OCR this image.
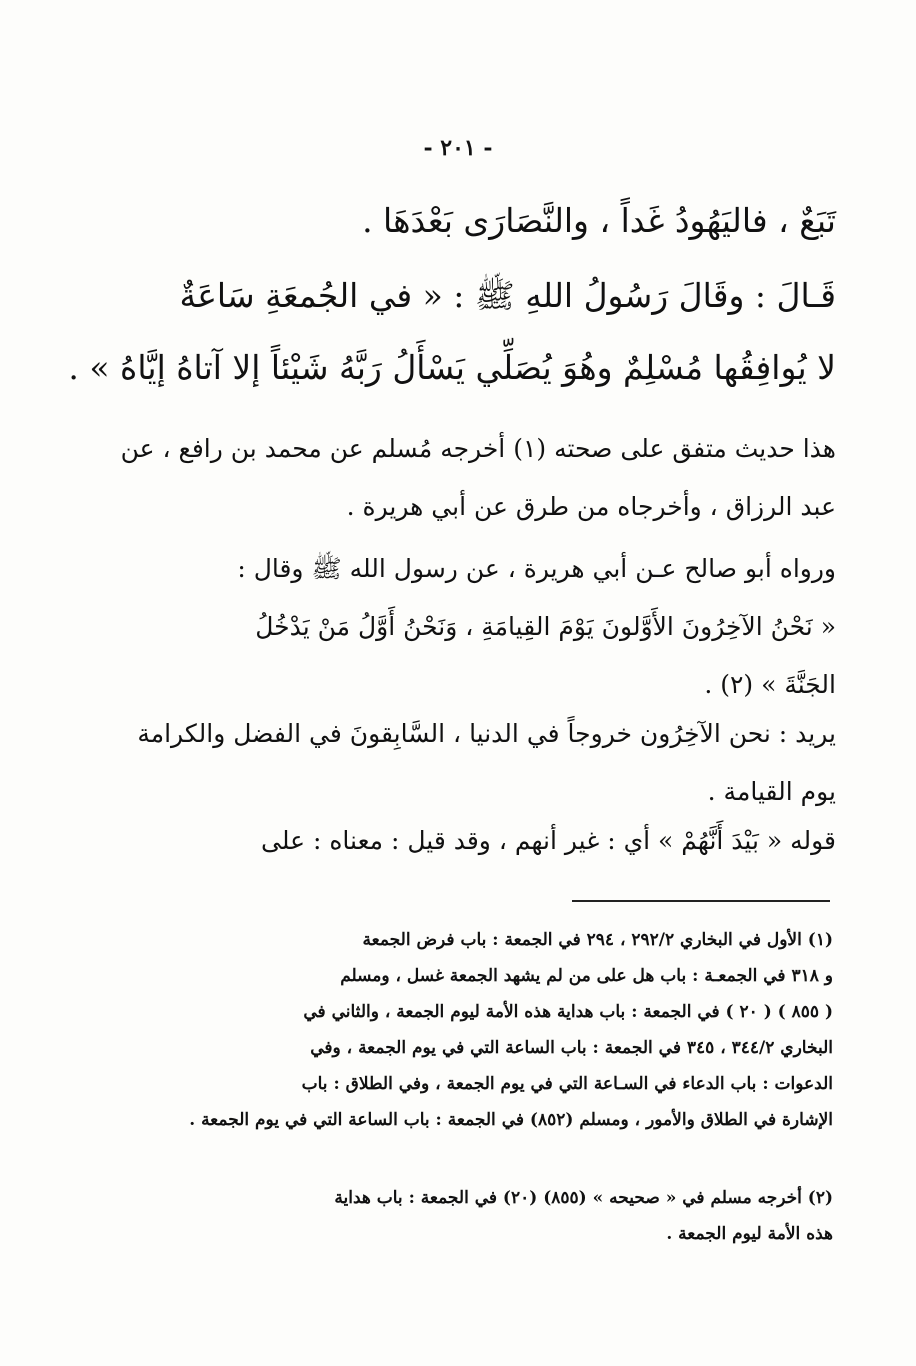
- ٢٠١ -
تَبَعٌ ، فاليَهُودُ غَداً ، والنَّصَارَى بَعْدَهَا .
قَـالَ : وقَالَ رَسُولُ اللهِ ﷺ : « في الجُمعَةِ سَاعَةٌ
لا يُوافِقُها مُسْلِمٌ وهُوَ يُصَلِّي يَسْأَلُ رَبَّهُ شَيْئاً إلا آتاهُ إيَّاهُ » .
هذا حديث متفق على صحته (١) أخرجه مُسلم عن محمد بن رافع ، عن
عبد الرزاق ، وأخرجاه من طرق عن أبي هريرة .
ورواه أبو صالح عـن أبي هريرة ، عن رسول الله ﷺ وقال :
« نَحْنُ الآخِرُونَ الأَوَّلونَ يَوْمَ القِيامَةِ ، وَنَحْنُ أَوَّلُ مَنْ يَدْخُلُ
الجَنَّةَ » (٢) .
يريد : نحن الآخِرُون خروجاً في الدنيا ، السَّابِقونَ في الفضل والكرامة
يوم القيامة .
قوله « بَيْدَ أَنَّهُمْ » أي : غير أنهم ، وقد قيل : معناه : على
(١) الأول في البخاري ٢٩٢/٢ ، ٢٩٤ في الجمعة : باب فرض الجمعة
و ٣١٨ في الجمعـة : باب هل على من لم يشهد الجمعة غسل ، ومسلم
( ٨٥٥ ) ( ٢٠ ) في الجمعة : باب هداية هذه الأمة ليوم الجمعة ، والثاني في
البخاري ٣٤٤/٢ ، ٣٤٥ في الجمعة : باب الساعة التي في يوم الجمعة ، وفي
الدعوات : باب الدعاء في السـاعة التي في يوم الجمعة ، وفي الطلاق : باب
الإشارة في الطلاق والأمور ، ومسلم (٨٥٢) في الجمعة : باب الساعة التي في يوم الجمعة .
(٢) أخرجه مسلم في « صحيحه » (٨٥٥) (٢٠) في الجمعة : باب هداية
هذه الأمة ليوم الجمعة .
